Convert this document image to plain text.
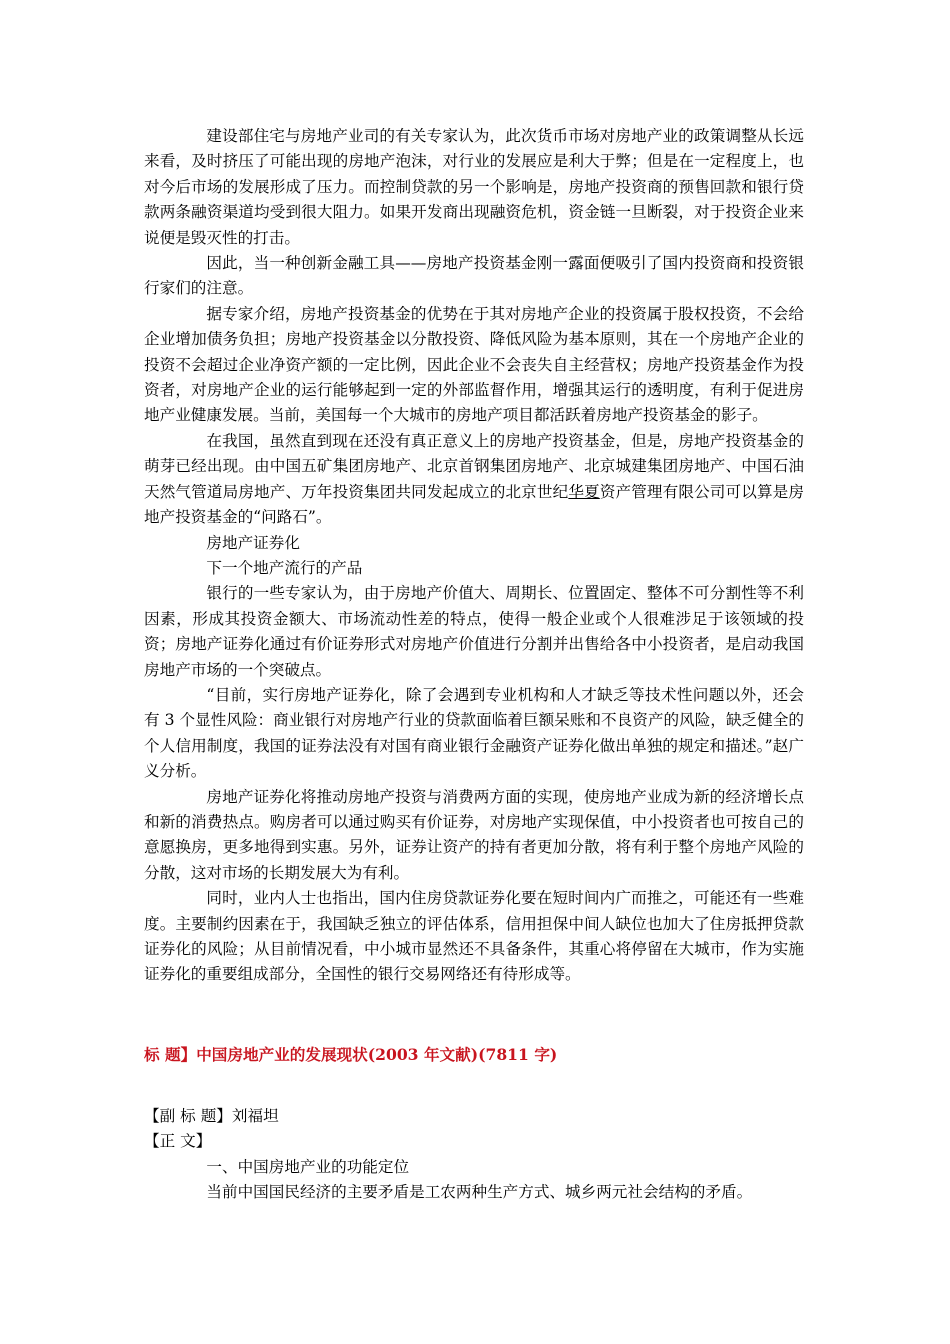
建设部住宅与房地产业司的有关专家认为，此次货币市场对房地产业的政策调整从长远来看，及时挤压了可能出现的房地产泡沫，对行业的发展应是利大于弊；但是在一定程度上，也对今后市场的发展形成了压力。而控制贷款的另一个影响是，房地产投资商的预售回款和银行贷款两条融资渠道均受到很大阻力。如果开发商出现融资危机，资金链一旦断裂，对于投资企业来说便是毁灭性的打击。

因此，当一种创新金融工具——房地产投资基金刚一露面便吸引了国内投资商和投资银行家们的注意。

据专家介绍，房地产投资基金的优势在于其对房地产企业的投资属于股权投资，不会给企业增加债务负担；房地产投资基金以分散投资、降低风险为基本原则，其在一个房地产企业的投资不会超过企业净资产额的一定比例，因此企业不会丧失自主经营权；房地产投资基金作为投资者，对房地产企业的运行能够起到一定的外部监督作用，增强其运行的透明度，有利于促进房地产业健康发展。当前，美国每一个大城市的房地产项目都活跃着房地产投资基金的影子。

在我国，虽然直到现在还没有真正意义上的房地产投资基金，但是，房地产投资基金的萌芽已经出现。由中国五矿集团房地产、北京首钢集团房地产、北京城建集团房地产、中国石油天然气管道局房地产、万年投资集团共同发起成立的北京世纪华夏资产管理有限公司可以算是房地产投资基金的“问路石”。

房地产证券化

下一个地产流行的产品

银行的一些专家认为，由于房地产价值大、周期长、位置固定、整体不可分割性等不利因素，形成其投资金额大、市场流动性差的特点，使得一般企业或个人很难涉足于该领域的投资；房地产证券化通过有价证券形式对房地产价值进行分割并出售给各中小投资者，是启动我国房地产市场的一个突破点。

“目前，实行房地产证券化，除了会遇到专业机构和人才缺乏等技术性问题以外，还会有 3 个显性风险：商业银行对房地产行业的贷款面临着巨额呆账和不良资产的风险，缺乏健全的个人信用制度，我国的证券法没有对国有商业银行金融资产证券化做出单独的规定和描述。”赵广义分析。

房地产证券化将推动房地产投资与消费两方面的实现，使房地产业成为新的经济增长点和新的消费热点。购房者可以通过购买有价证券，对房地产实现保值，中小投资者也可按自己的意愿换房，更多地得到实惠。另外，证券让资产的持有者更加分散，将有利于整个房地产风险的分散，这对市场的长期发展大为有利。

同时，业内人士也指出，国内住房贷款证券化要在短时间内广而推之，可能还有一些难度。主要制约因素在于，我国缺乏独立的评估体系，信用担保中间人缺位也加大了住房抵押贷款证券化的风险；从目前情况看，中小城市显然还不具备条件，其重心将停留在大城市，作为实施证券化的重要组成部分，全国性的银行交易网络还有待形成等。

标 题】中国房地产业的发展现状(2003 年文献)(7811 字)

【副 标 题】刘福坦

【正 文】

一、中国房地产业的功能定位

当前中国国民经济的主要矛盾是工农两种生产方式、城乡两元社会结构的矛盾。
